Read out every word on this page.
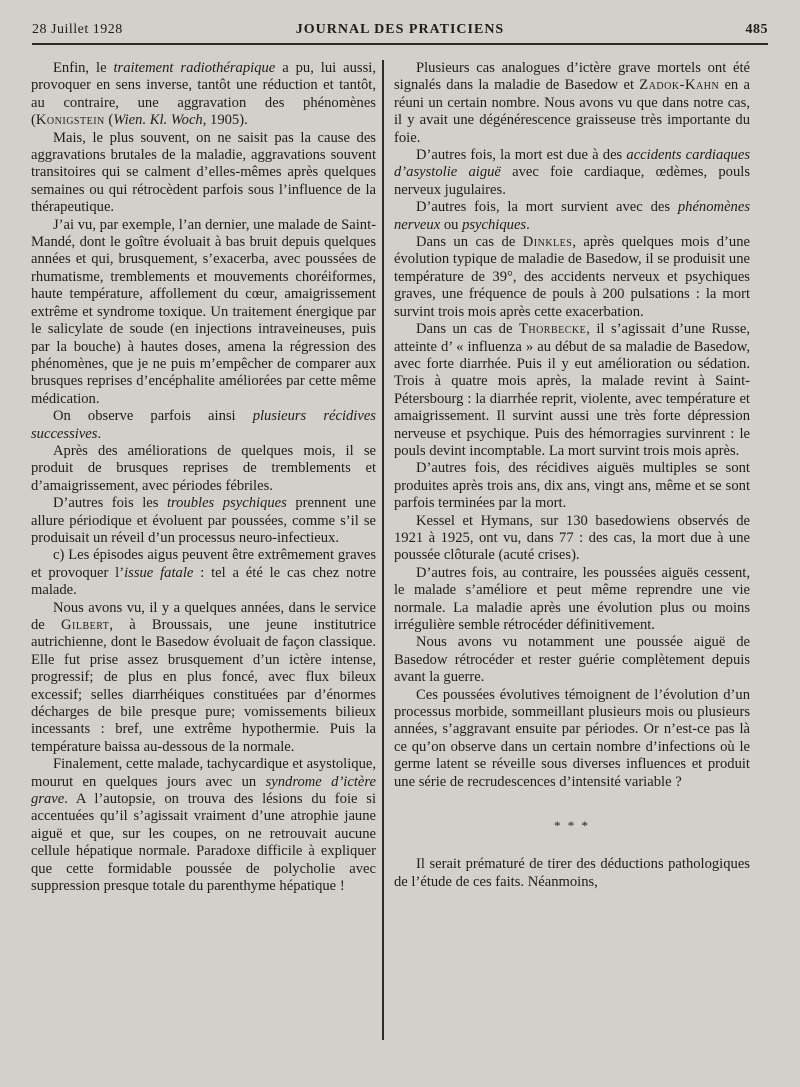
28 Juillet 1928	JOURNAL DES PRATICIENS	485

Enfin, le traitement radiothérapique a pu, lui aussi, provoquer en sens inverse, tantôt une réduction et tantôt, au contraire, une aggravation des phénomènes (Konigstein (Wien. Kl. Woch, 1905).

Mais, le plus souvent, on ne saisit pas la cause des aggravations brutales de la maladie, aggravations souvent transitoires qui se calment d’elles-mêmes après quelques semaines ou qui rétrocèdent parfois sous l’influence de la thérapeutique.

J’ai vu, par exemple, l’an dernier, une malade de Saint-Mandé, dont le goître évoluait à bas bruit depuis quelques années et qui, brusquement, s’exacerba, avec poussées de rhumatisme, tremblements et mouvements choréiformes, haute température, affollement du cœur, amaigrissement extrême et syndrome toxique. Un traitement énergique par le salicylate de soude (en injections intraveineuses, puis par la bouche) à hautes doses, amena la régression des phénomènes, que je ne puis m’empêcher de comparer aux brusques reprises d’encéphalite améliorées par cette même médication.

On observe parfois ainsi plusieurs récidives successives.

Après des améliorations de quelques mois, il se produit de brusques reprises de tremblements et d’amaigrissement, avec périodes fébriles.

D’autres fois les troubles psychiques prennent une allure périodique et évoluent par poussées, comme s’il se produisait un réveil d’un processus neuro-infectieux.

c) Les épisodes aigus peuvent être extrêmement graves et provoquer l’issue fatale : tel a été le cas chez notre malade.

Nous avons vu, il y a quelques années, dans le service de Gilbert, à Broussais, une jeune institutrice autrichienne, dont le Basedow évoluait de façon classique. Elle fut prise assez brusquement d’un ictère intense, progressif; de plus en plus foncé, avec flux bileux excessif; selles diarrhéiques constituées par d’énormes décharges de bile presque pure; vomissements bilieux incessants : bref, une extrême hypothermie. Puis la température baissa au-dessous de la normale.

Finalement, cette malade, tachycardique et asystolique, mourut en quelques jours avec un syndrome d’ictère grave. A l’autopsie, on trouva des lésions du foie si accentuées qu’il s’agissait vraiment d’une atrophie jaune aiguë et que, sur les coupes, on ne retrouvait aucune cellule hépatique normale. Paradoxe difficile à expliquer que cette formidable poussée de polycholie avec suppression presque totale du parenthyme hépatique !

Plusieurs cas analogues d’ictère grave mortels ont été signalés dans la maladie de Basedow et Zadok-Kahn en a réuni un certain nombre. Nous avons vu que dans notre cas, il y avait une dégénérescence graisseuse très importante du foie.

D’autres fois, la mort est due à des accidents cardiaques d’asystolie aiguë avec foie cardiaque, œdèmes, pouls nerveux jugulaires.

D’autres fois, la mort survient avec des phénomènes nerveux ou psychiques.

Dans un cas de Dinkles, après quelques mois d’une évolution typique de maladie de Basedow, il se produisit une température de 39°, des accidents nerveux et psychiques graves, une fréquence de pouls à 200 pulsations : la mort survint trois mois après cette exacerbation.

Dans un cas de Thorbecke, il s’agissait d’une Russe, atteinte d’ « influenza » au début de sa maladie de Basedow, avec forte diarrhée. Puis il y eut amélioration ou sédation. Trois à quatre mois après, la malade revint à Saint-Pétersbourg : la diarrhée reprit, violente, avec température et amaigrissement. Il survint aussi une très forte dépression nerveuse et psychique. Puis des hémorragies survinrent : le pouls devint incomptable. La mort survint trois mois après.

D’autres fois, des récidives aiguës multiples se sont produites après trois ans, dix ans, vingt ans, même et se sont parfois terminées par la mort.

Kessel et Hymans, sur 130 basedowiens observés de 1921 à 1925, ont vu, dans 77 : des cas, la mort due à une poussée clôturale (acuté crises).

D’autres fois, au contraire, les poussées aiguës cessent, le malade s’améliore et peut même reprendre une vie normale. La maladie après une évolution plus ou moins irrégulière semble rétrocéder définitivement.

Nous avons vu notamment une poussée aiguë de Basedow rétrocéder et rester guérie complètement depuis avant la guerre.

Ces poussées évolutives témoignent de l’évolution d’un processus morbide, sommeillant plusieurs mois ou plusieurs années, s’aggravant ensuite par périodes. Or n’est-ce pas là ce qu’on observe dans un certain nombre d’infections où le germe latent se réveille sous diverses influences et produit une série de recrudescences d’intensité variable ?

* * *

Il serait prématuré de tirer des déductions pathologiques de l’étude de ces faits. Néanmoins,
